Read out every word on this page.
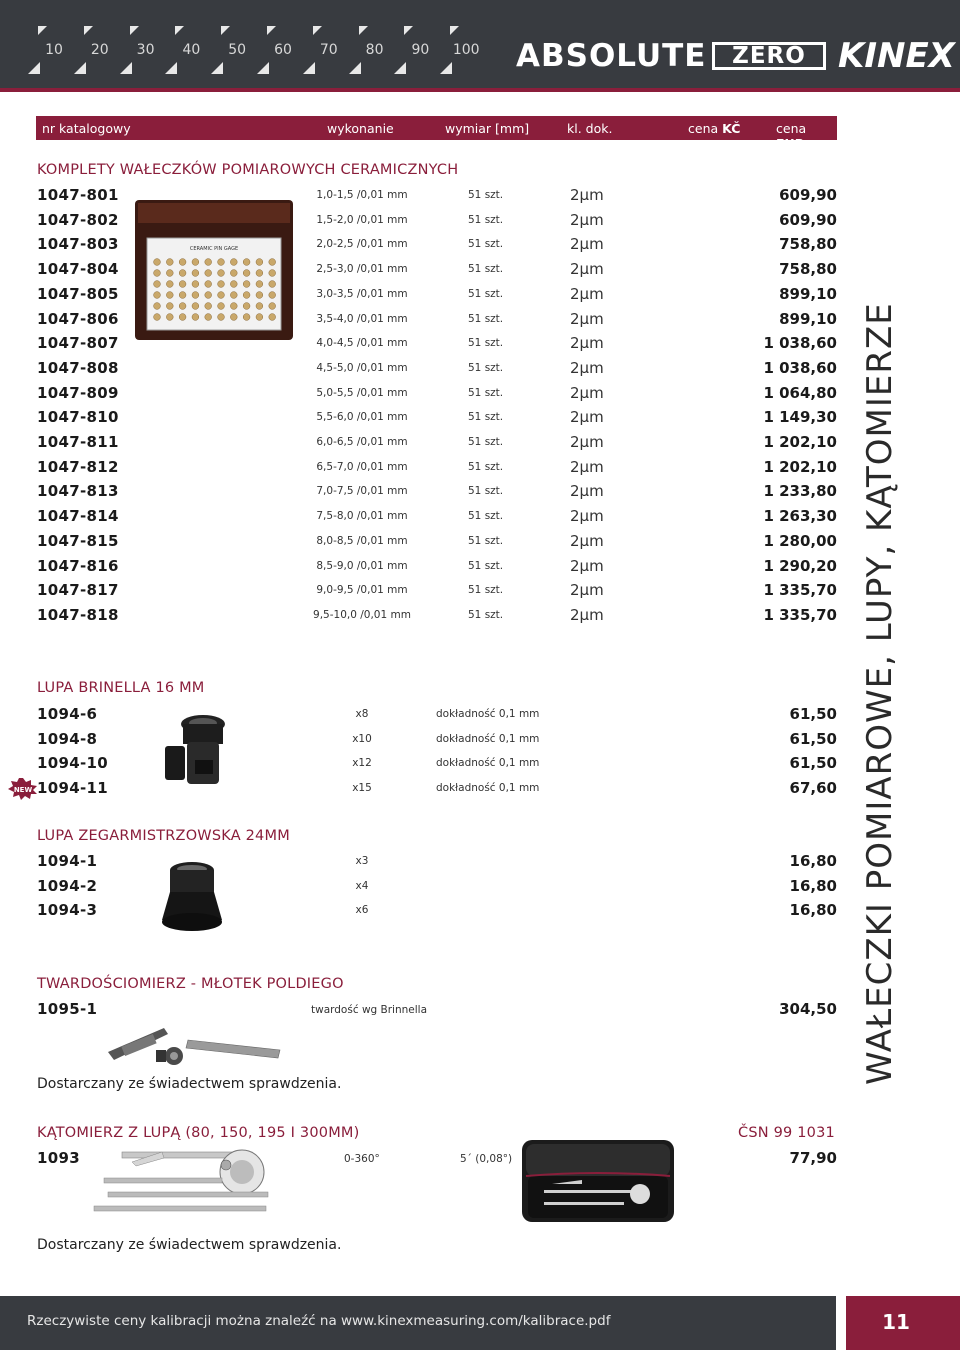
10	20	30	40	50	60	70	80	90	100 ABSOLUTE	ZERO KINEX
nr katalogowy	wykonanie	wymiar [mm]	kl. dok.	cena KČ	cena EUR
KOMPLETY WAŁECZKÓW POMIAROWYCH CERAMICZNYCH
CERAMIC PIN GAGE
1047-801	1,0-1,5 /0,01 mm	51 szt.	2µm	609,90
1047-802	1,5-2,0 /0,01 mm	51 szt.	2µm	609,90
1047-803	2,0-2,5 /0,01 mm	51 szt.	2µm	758,80
1047-804	2,5-3,0 /0,01 mm	51 szt.	2µm	758,80
1047-805	3,0-3,5 /0,01 mm	51 szt.	2µm	899,10
1047-806	3,5-4,0 /0,01 mm	51 szt.	2µm	899,10
1047-807	4,0-4,5 /0,01 mm	51 szt.	2µm	1 038,60
1047-808	4,5-5,0 /0,01 mm	51 szt.	2µm	1 038,60
1047-809	5,0-5,5 /0,01 mm	51 szt.	2µm	1 064,80
1047-810	5,5-6,0 /0,01 mm	51 szt.	2µm	1 149,30
1047-811	6,0-6,5 /0,01 mm	51 szt.	2µm	1 202,10
1047-812	6,5-7,0 /0,01 mm	51 szt.	2µm	1 202,10
1047-813	7,0-7,5 /0,01 mm	51 szt.	2µm	1 233,80
1047-814	7,5-8,0 /0,01 mm	51 szt.	2µm	1 263,30
1047-815	8,0-8,5 /0,01 mm	51 szt.	2µm	1 280,00
1047-816	8,5-9,0 /0,01 mm	51 szt.	2µm	1 290,20
1047-817	9,0-9,5 /0,01 mm	51 szt.	2µm	1 335,70
1047-818	9,5-10,0 /0,01 mm	51 szt.	2µm	1 335,70
LUPA BRINELLA 16 MM
NEW
1094-6	x8	dokładność 0,1 mm	61,50
1094-8	x10	dokładność 0,1 mm	61,50
1094-10	x12	dokładność 0,1 mm	61,50
1094-11	x15	dokładność 0,1 mm	67,60
LUPA ZEGARMISTRZOWSKA 24MM
1094-1	x3	16,80
1094-2	x4	16,80
1094-3	x6	16,80
TWARDOŚCIOMIERZ - MŁOTEK POLDIEGO
1095-1	twardość wg Brinnella	304,50
Dostarczany ze świadectwem sprawdzenia.
KĄTOMIERZ Z LUPĄ (80, 150, 195 I 300MM)	ČSN 99 1031
1093	0-360°	5´ (0,08°)	77,90
Dostarczany ze świadectwem sprawdzenia.
WAŁECZKI POMIAROWE, LUPY, KĄTOMIERZE
Rzeczywiste ceny kalibracji można znaleźć na www.kinexmeasuring.com/kalibrace.pdf	11
